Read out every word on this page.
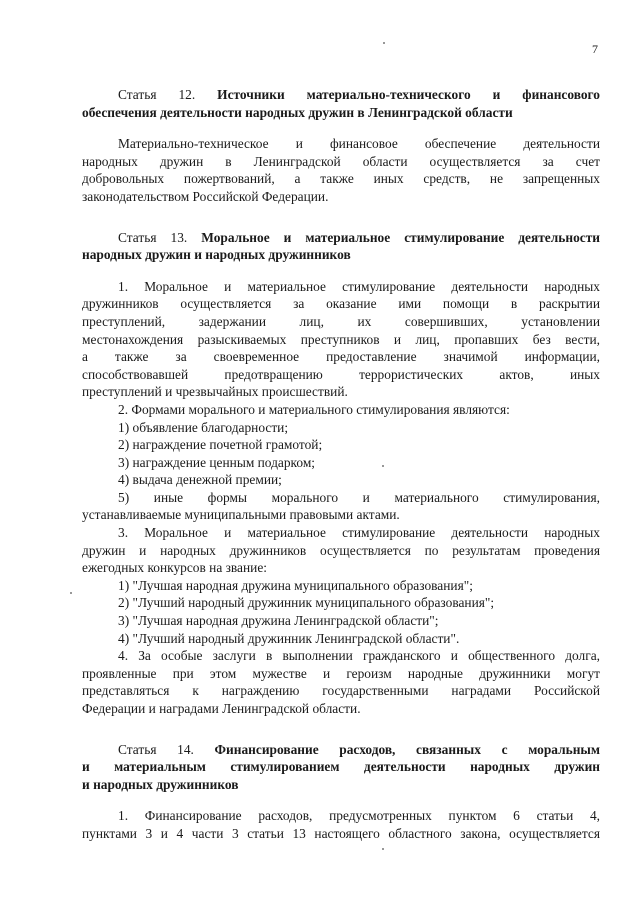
7
Статья 12. Источники материально-технического и финансового
обеспечения деятельности народных дружин в Ленинградской области
Материально-техническое и финансовое обеспечение деятельности
народных дружин в Ленинградской области осуществляется за счет
добровольных пожертвований, а также иных средств, не запрещенных
законодательством Российской Федерации.
Статья 13. Моральное и материальное стимулирование деятельности
народных дружин и народных дружинников
1. Моральное и материальное стимулирование деятельности народных
дружинников осуществляется за оказание ими помощи в раскрытии
преступлений, задержании лиц, их совершивших, установлении
местонахождения разыскиваемых преступников и лиц, пропавших без вести,
а также за своевременное предоставление значимой информации,
способствовавшей предотвращению террористических актов, иных
преступлений и чрезвычайных происшествий.
2. Формами морального и материального стимулирования являются:
1) объявление благодарности;
2) награждение почетной грамотой;
3) награждение ценным подарком;
4) выдача денежной премии;
5) иные формы морального и материального стимулирования,
устанавливаемые муниципальными правовыми актами.
3. Моральное и материальное стимулирование деятельности народных
дружин и народных дружинников осуществляется по результатам проведения
ежегодных конкурсов на звание:
1) "Лучшая народная дружина муниципального образования";
2) "Лучший народный дружинник муниципального образования";
3) "Лучшая народная дружина Ленинградской области";
4) "Лучший народный дружинник Ленинградской области".
4. За особые заслуги в выполнении гражданского и общественного долга,
проявленные при этом мужестве и героизм народные дружинники могут
представляться к награждению государственными наградами Российской
Федерации и наградами Ленинградской области.
Статья 14. Финансирование расходов, связанных с моральным
и материальным стимулированием деятельности народных дружин
и народных дружинников
1. Финансирование расходов, предусмотренных пунктом 6 статьи 4,
пунктами 3 и 4 части 3 статьи 13 настоящего областного закона, осуществляется
